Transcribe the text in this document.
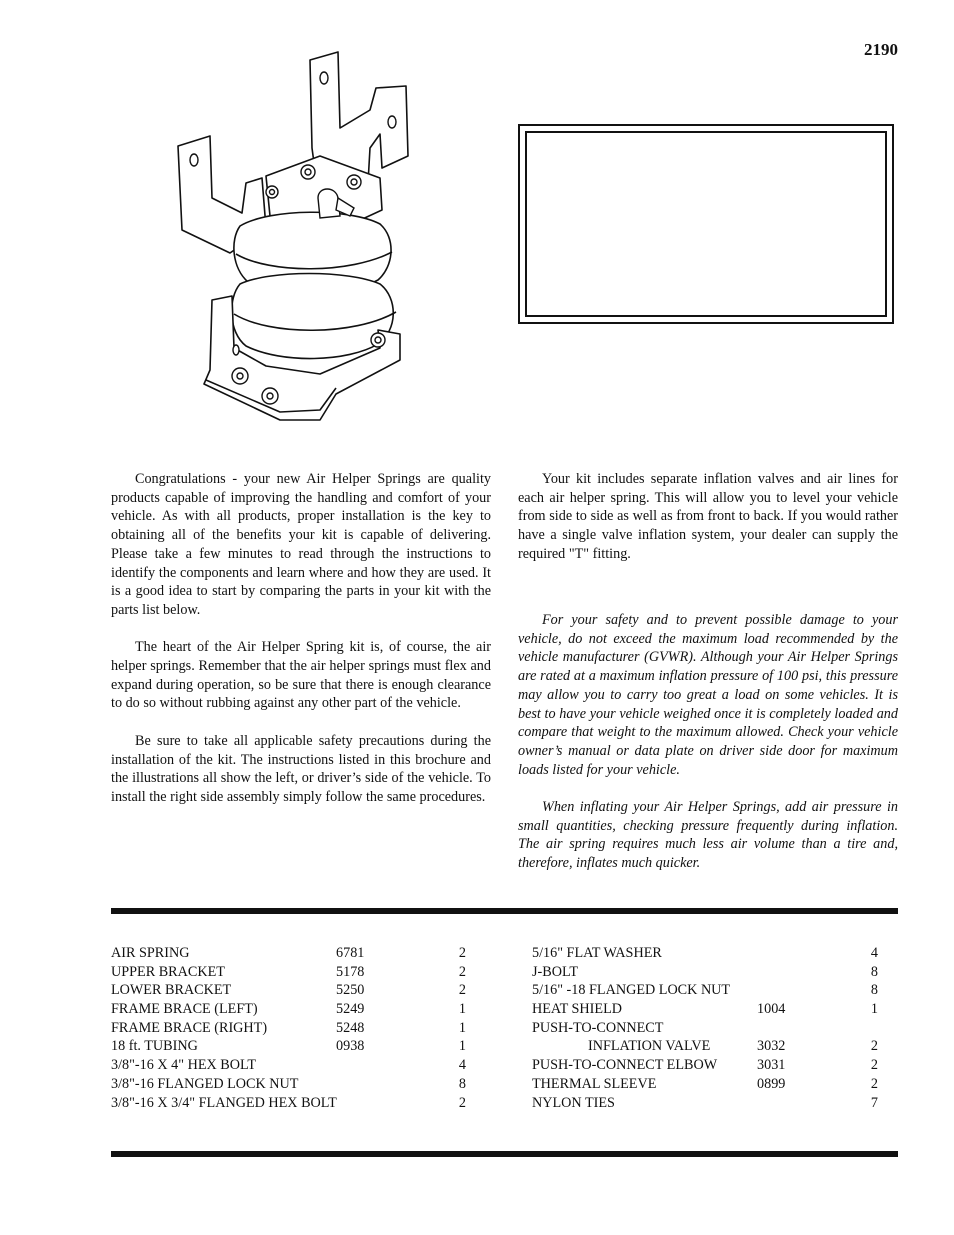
2190

Congratulations - your new Air Helper Springs are quality products capable of improving the handling and comfort of your vehicle. As with all products, proper installation is the key to obtaining all of the benefits your kit is capable of delivering. Please take a few minutes to read through the instructions to identify the components and learn where and how they are used. It is a good idea to start by comparing the parts in your kit with the parts list below.

The heart of the Air Helper Spring kit is, of course, the air helper springs. Remember that the air helper springs must flex and expand during operation, so be sure that there is enough clearance to do so without rubbing against any other part of the vehicle.

Be sure to take all applicable safety precautions during the installation of the kit. The instructions listed in this brochure and the illustrations all show the left, or driver’s side of the vehicle. To install the right side assembly simply follow the same procedures.

Your kit includes separate inflation valves and air lines for each air helper spring. This will allow you to level your vehicle from side to side as well as from front to back. If you would rather have a single valve inflation system, your dealer can supply the required "T" fitting.

For your safety and to prevent possible damage to your vehicle, do not exceed the maximum load recommended by the vehicle manufacturer (GVWR). Although your Air Helper Springs are rated at a maximum inflation pressure of 100 psi, this pressure may allow you to carry too great a load on some vehicles. It is best to have your vehicle weighed once it is completely loaded and compare that weight to the maximum allowed. Check your vehicle owner’s manual or data plate on driver side door for maximum loads listed for your vehicle.

When inflating your Air Helper Springs, add air pressure in small quantities, checking pressure frequently during inflation. The air spring requires much less air volume than a tire and, therefore, inflates much quicker.

AIR SPRING	6781	2
UPPER BRACKET	5178	2
LOWER BRACKET	5250	2
FRAME BRACE (LEFT)	5249	1
FRAME BRACE (RIGHT)	5248	1
18 ft. TUBING	0938	1
3/8"-16 X 4" HEX BOLT	4
3/8"-16 FLANGED LOCK NUT	8
3/8"-16 X 3/4" FLANGED HEX BOLT	2
5/16" FLAT WASHER	4
J-BOLT	8
5/16" -18 FLANGED LOCK NUT	8
HEAT SHIELD	1004	1
PUSH-TO-CONNECT
INFLATION VALVE	3032	2
PUSH-TO-CONNECT ELBOW	3031	2
THERMAL SLEEVE	0899	2
NYLON TIES	7
